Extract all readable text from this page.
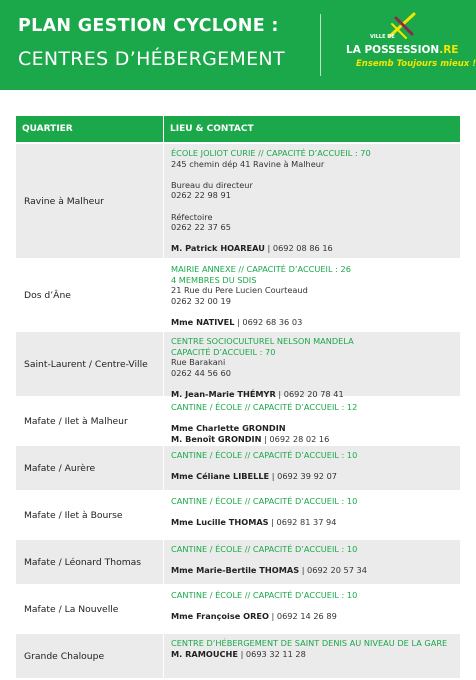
PLAN GESTION CYCLONE :
CENTRES D’HÉBERGEMENT
VILLE DE
LA POSSESSION.RE
Ensemb Toujours mieux !
QUARTIER	LIEU & CONTACT
Ravine à Malheur
ÉCOLE JOLIOT CURIE // CAPACITÉ D’ACCUEIL : 70
245 chemin dép 41 Ravine à Malheur
Bureau du directeur
0262 22 98 91
Réfectoire
0262 22 37 65
M. Patrick HOAREAU | 0692 08 86 16
Dos d’Âne
MAIRIE ANNEXE // CAPACITÉ D’ACCUEIL : 26
4 MEMBRES DU SDIS
21 Rue du Pere Lucien Courteaud
0262 32 00 19
Mme NATIVEL | 0692 68 36 03
Saint-Laurent / Centre-Ville
CENTRE SOCIOCULTUREL NELSON MANDELA
CAPACITÉ D’ACCUEIL : 70
Rue Barakani
0262 44 56 60
M. Jean-Marie THÉMYR | 0692 20 78 41
Mafate / Ilet à Malheur
CANTINE / ÉCOLE // CAPACITÉ D’ACCUEIL : 12
Mme Charlette GRONDIN
M. Benoît GRONDIN | 0692 28 02 16
Mafate / Aurère
CANTINE / ÉCOLE // CAPACITÉ D’ACCUEIL : 10
Mme Céliane LIBELLE | 0692 39 92 07
Mafate / Ilet à Bourse
CANTINE / ÉCOLE // CAPACITÉ D’ACCUEIL : 10
Mme Lucille THOMAS | 0692 81 37 94
Mafate / Léonard Thomas
CANTINE / ÉCOLE // CAPACITÉ D’ACCUEIL : 10
Mme Marie-Bertile THOMAS | 0692 20 57 34
Mafate / La Nouvelle
CANTINE / ÉCOLE // CAPACITÉ D’ACCUEIL : 10
Mme Françoise OREO | 0692 14 26 89
Grande Chaloupe
CENTRE D’HÉBERGEMENT DE SAINT DENIS AU NIVEAU DE LA GARE
M. RAMOUCHE | 0693 32 11 28
